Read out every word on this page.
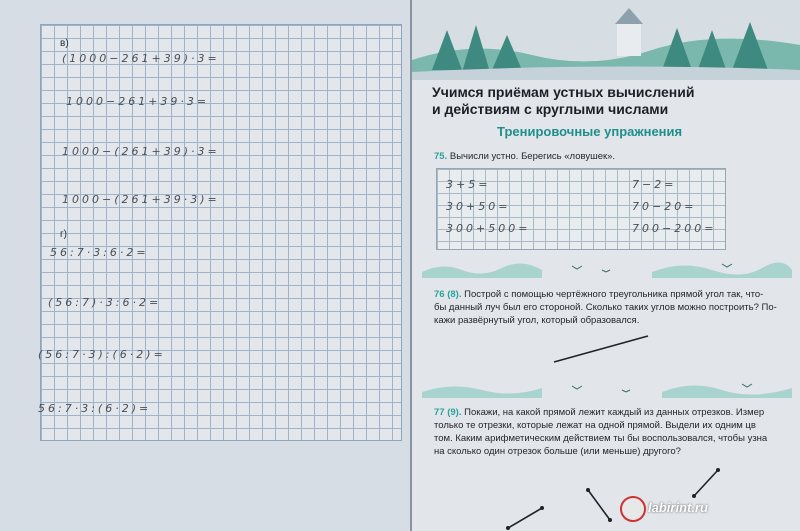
в)
(1000−261+39)·3=
1000−261+39·3=
1000−(261+39)·3=
1000−(261+39·3)=
г)
56:7·3:6·2=
(56:7)·3:6·2=
(56:7·3):(6·2)=
56:7·3:(6·2)=
Учимся приёмам устных вычислений
и действиям с круглыми числами
Тренировочные упражнения
75. Вычисли устно. Берегись «ловушек».
3+5=
30+50=
300+500=
7−2=
70−20=
700−200=
76 (8). Построй с помощью чертёжного треугольника прямой угол так, что-
бы данный луч был его стороной. Сколько таких углов можно построить? По-
кажи развёрнутый угол, который образовался.
77 (9). Покажи, на какой прямой лежит каждый из данных отрезков. Измер
только те отрезки, которые лежат на одной прямой. Выдели их одним цв
том. Каким арифметическим действием ты бы воспользовался, чтобы узна
на сколько один отрезок больше (или меньше) другого?
labirint.ru
